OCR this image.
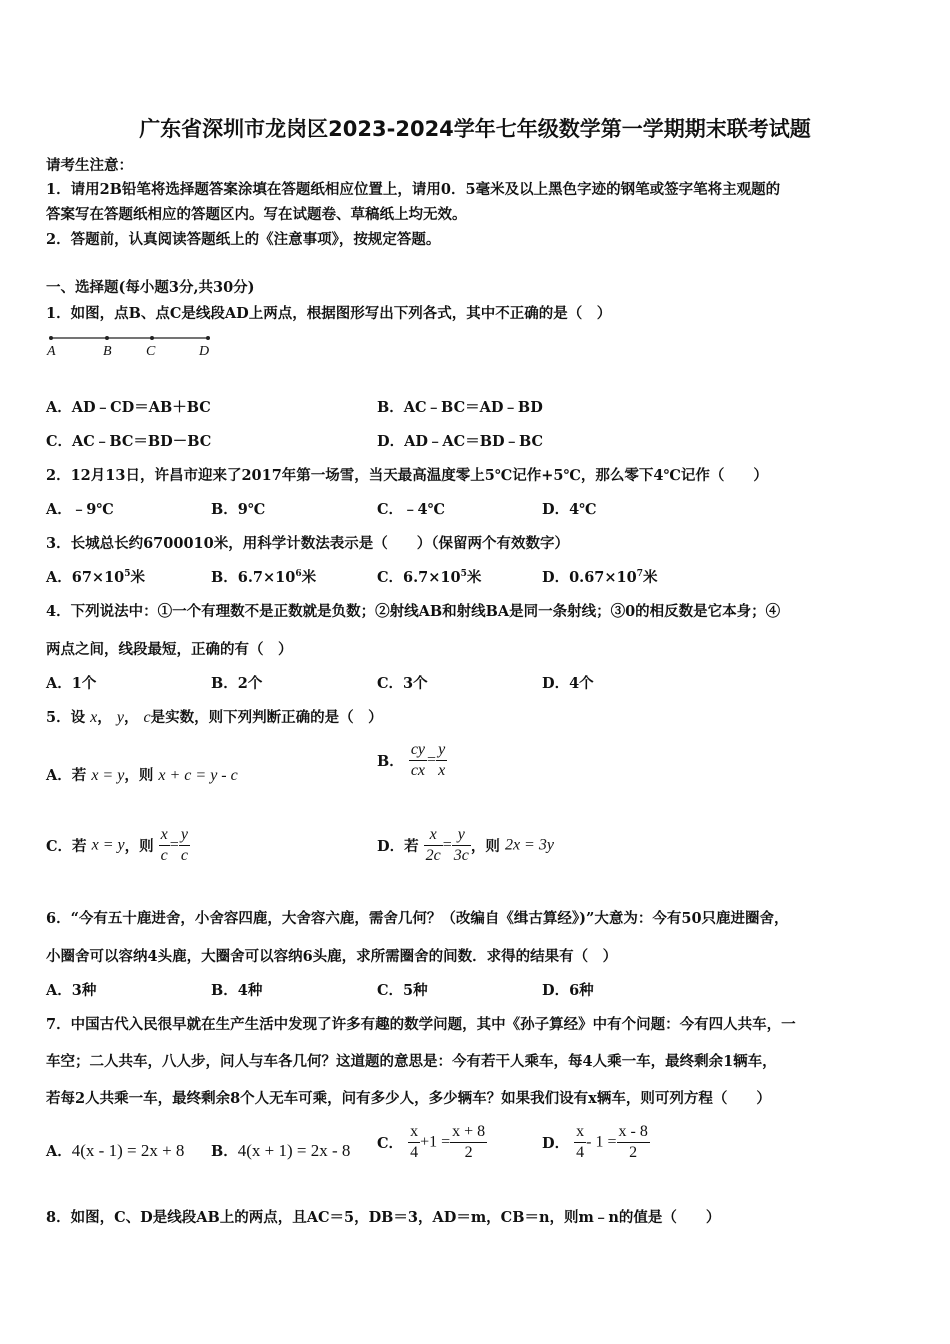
广东省深圳市龙岗区2023-2024学年七年级数学第一学期期末联考试题
请考生注意：
1．请用2B铅笔将选择题答案涂填在答题纸相应位置上，请用0．5毫米及以上黑色字迹的钢笔或签字笔将主观题的
答案写在答题纸相应的答题区内。写在试题卷、草稿纸上均无效。
2．答题前，认真阅读答题纸上的《注意事项》，按规定答题。
一、选择题(每小题3分,共30分)
1．如图，点B、点C是线段AD上两点，根据图形写出下列各式，其中不正确的是（　）
A	B C	D
A．AD﹣CD＝AB＋BC	B．AC﹣BC＝AD﹣BD
C．AC﹣BC＝BD－BC	D．AD﹣AC＝BD﹣BC
2．12月13日，许昌市迎来了2017年第一场雪，当天最高温度零上5℃记作+5℃，那么零下4℃记作（　　）
A．﹣9℃	B．9℃	C．﹣4℃	D．4℃
3．长城总长约6700010米，用科学计数法表示是（　　）（保留两个有效数字）
A．$67\times 10^5$米	B．$6.7\times 10^6$米	C．$6.7\times 10^5$米	D．$0.67\times 10^7$米
4．下列说法中：①一个有理数不是正数就是负数；②射线AB和射线BA是同一条射线；③0的相反数是它本身；④
两点之间，线段最短，正确的有（　）
A．1个	B．2个	C．3个	D．4个
5．设 x， y， c是实数，则下列判断正确的是（　）
A．若 x = y，则 x + c = y - c
B． $\frac{cy}{cx} = \frac{y}{x}$
C．若 x = y，则 $\frac{x}{c} = \frac{y}{c}$	D．若 $\frac{x}{2c} = \frac{y}{3c}$ ，则 2x = 3y
6．“今有五十鹿进舍，小舍容四鹿，大舍容六鹿，需舍几何？（改编自《缉古算经》)”大意为：今有50只鹿进圈舍，
小圈舍可以容纳4头鹿，大圈舍可以容纳6头鹿，求所需圈舍的间数．求得的结果有（　）
A．3种	B．4种	C．5种	D．6种
7．中国古代入民很早就在生产生活中发现了许多有趣的数学问题，其中《孙子算经》中有个问题：今有四人共车，一
车空；二人共车，八人步，问人与车各几何？这道题的意思是：今有若干人乘车，每4人乘一车，最终剩余1辆车，
若每2人共乘一车，最终剩余8个人无车可乘，问有多少人，多少辆车？如果我们设有x辆车，则可列方程（　　）
A．4(x - 1) = 2x + 8 B．4(x + 1) = 2x - 8 C． $\frac{x}{4} +1 = \frac{x + 8}{2}$	D． $\frac{x}{4} - 1 = \frac{x - 8}{2}$
8．如图，C、D是线段AB上的两点，且AC＝5，DB＝3，AD＝m，CB＝n，则m﹣n的值是（　　）
